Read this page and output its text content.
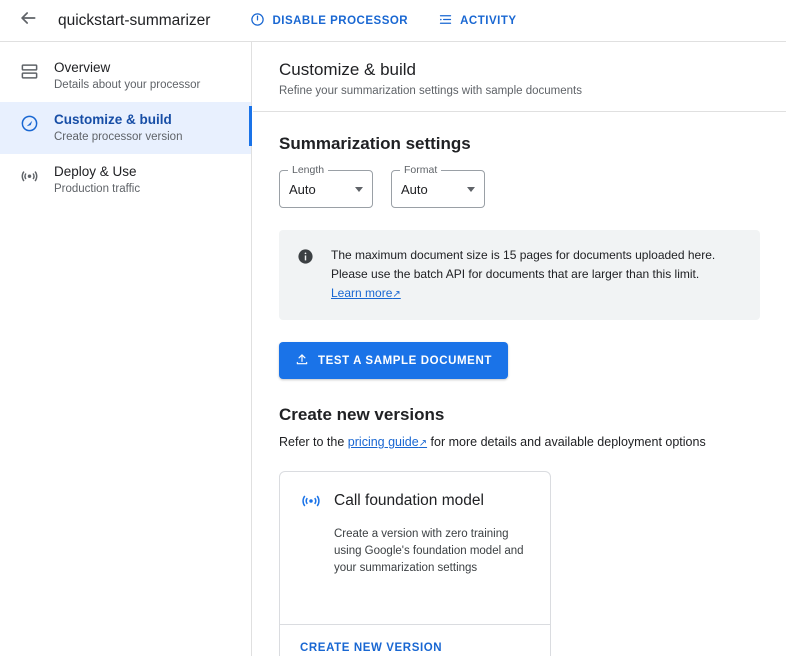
quickstart-summarizer	DISABLE PROCESSOR	ACTIVITY
Overview
Details about your processor
Customize & build
Create processor version
Deploy & Use
Production traffic
Customize & build

Refine your summarization settings with sample documents

Summarization settings
Length
Auto
Format
Auto
The maximum document size is 15 pages for documents uploaded here.
Please use the batch API for documents that are larger than this limit.
Learn more↗
TEST A SAMPLE DOCUMENT
Create new versions

Refer to the pricing guide↗ for more details and available deployment options

Call foundation model
Create a version with zero training using Google's foundation model and your summarization settings
CREATE NEW VERSION
